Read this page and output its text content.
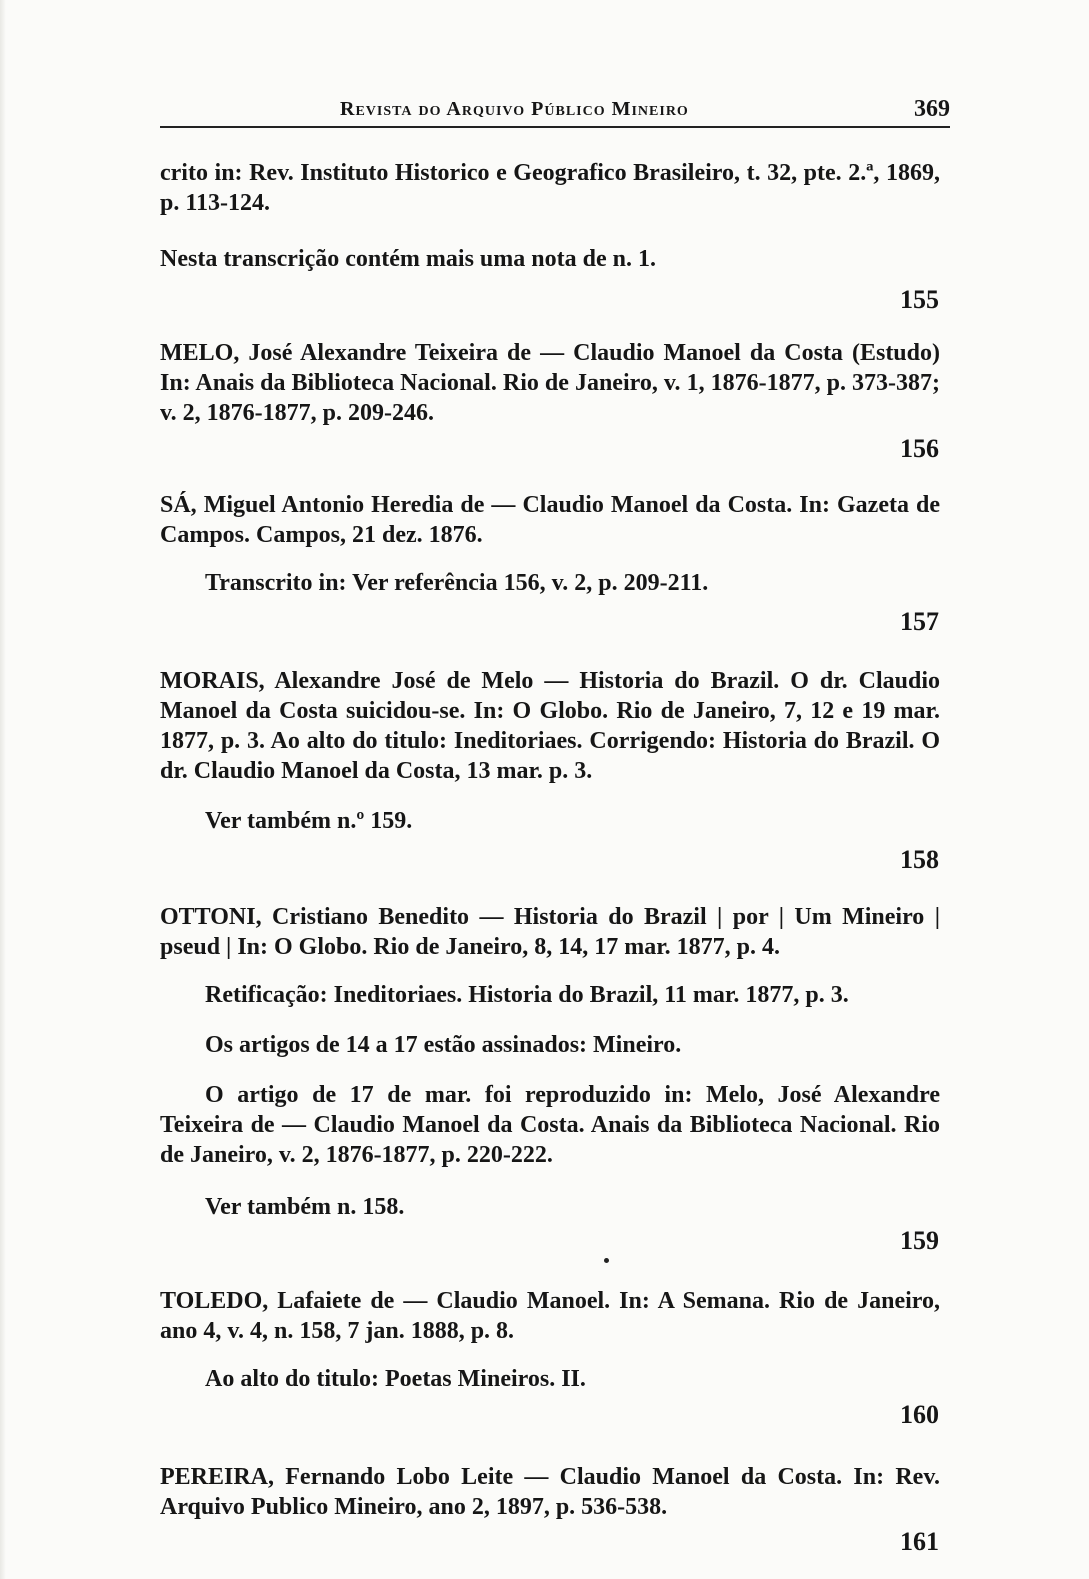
Revista do Arquivo Público Mineiro	369
crito in: Rev. Instituto Historico e Geografico Brasileiro, t. 32, pte. 2.ª, 1869, p. 113-124.
Nesta transcrição contém mais uma nota de n. 1.
155
MELO, José Alexandre Teixeira de — Claudio Manoel da Costa (Estudo) In: Anais da Biblioteca Nacional. Rio de Janeiro, v. 1, 1876-1877, p. 373-387; v. 2, 1876-1877, p. 209-246.
156
SÁ, Miguel Antonio Heredia de — Claudio Manoel da Costa. In: Gazeta de Campos. Campos, 21 dez. 1876.
Transcrito in: Ver referência 156, v. 2, p. 209-211.
157
MORAIS, Alexandre José de Melo — Historia do Brazil. O dr. Claudio Manoel da Costa suicidou-se. In: O Globo. Rio de Janeiro, 7, 12 e 19 mar. 1877, p. 3. Ao alto do titulo: Ineditoriaes. Corrigendo: Historia do Brazil. O dr. Claudio Manoel da Costa, 13 mar. p. 3.
Ver também n.º 159.
158
OTTONI, Cristiano Benedito — Historia do Brazil | por | Um Mineiro | pseud | In: O Globo. Rio de Janeiro, 8, 14, 17 mar. 1877, p. 4.
Retificação: Ineditoriaes. Historia do Brazil, 11 mar. 1877, p. 3.
Os artigos de 14 a 17 estão assinados: Mineiro.
O artigo de 17 de mar. foi reproduzido in: Melo, José Alexandre Teixeira de — Claudio Manoel da Costa. Anais da Biblioteca Nacional. Rio de Janeiro, v. 2, 1876-1877, p. 220-222.
Ver também n. 158.
159
TOLEDO, Lafaiete de — Claudio Manoel. In: A Semana. Rio de Janeiro, ano 4, v. 4, n. 158, 7 jan. 1888, p. 8.
Ao alto do titulo: Poetas Mineiros. II.
160
PEREIRA, Fernando Lobo Leite — Claudio Manoel da Costa. In: Rev. Arquivo Publico Mineiro, ano 2, 1897, p. 536-538.
161
